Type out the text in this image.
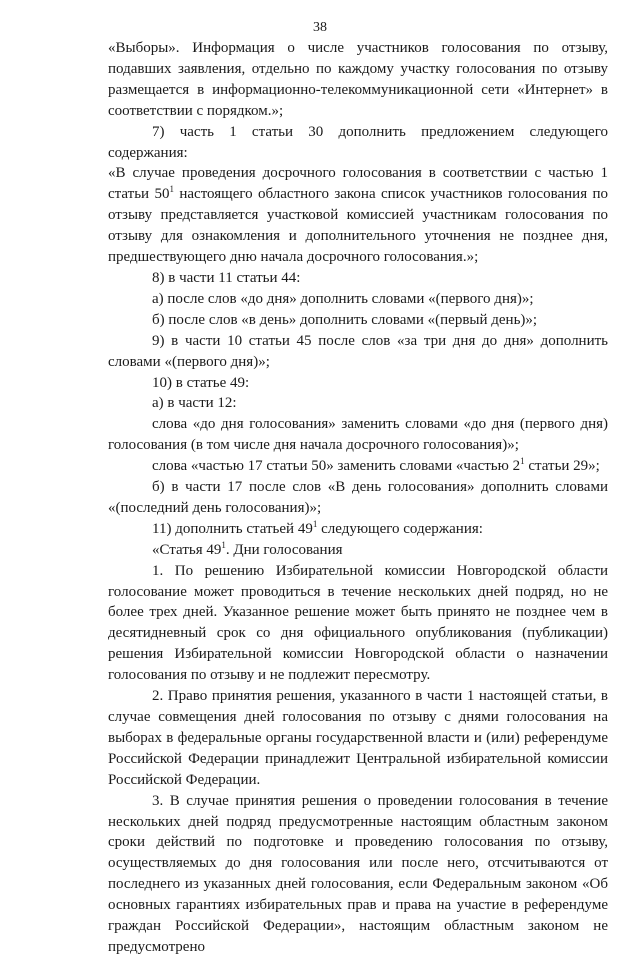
38

«Выборы». Информация о числе участников голосования по отзыву, подавших заявления, отдельно по каждому участку голосования по отзыву размещается в информационно-телекоммуникационной сети «Интернет» в соответствии с порядком.»;

7) часть 1 статьи 30 дополнить предложением следующего содержания:

«В случае проведения досрочного голосования в соответствии с частью 1 статьи $50^1$ настоящего областного закона список участников голосования по отзыву представляется участковой комиссией участникам голосования по отзыву для ознакомления и дополнительного уточнения не позднее дня, предшествующего дню начала досрочного голосования.»;

8) в части 11 статьи 44:

а) после слов «до дня» дополнить словами «(первого дня)»;

б) после слов «в день» дополнить словами «(первый день)»;

9) в части 10 статьи 45 после слов «за три дня до дня» дополнить словами «(первого дня)»;

10) в статье 49:

а) в части 12:

слова «до дня голосования» заменить словами «до дня (первого дня) голосования (в том числе дня начала досрочного голосования)»;

слова «частью 17 статьи 50» заменить словами «частью $2^1$ статьи 29»;

б) в части 17 после слов «В день голосования» дополнить словами «(последний день голосования)»;

11) дополнить статьей $49^1$ следующего содержания:

«Статья $49^1$. Дни голосования

1. По решению Избирательной комиссии Новгородской области голосование может проводиться в течение нескольких дней подряд, но не более трех дней. Указанное решение может быть принято не позднее чем в десятидневный срок со дня официального опубликования (публикации) решения Избирательной комиссии Новгородской области о назначении голосования по отзыву и не подлежит пересмотру.

2. Право принятия решения, указанного в части 1 настоящей статьи, в случае совмещения дней голосования по отзыву с днями голосования на выборах в федеральные органы государственной власти и (или) референдуме Российской Федерации принадлежит Центральной избирательной комиссии Российской Федерации.

3. В случае принятия решения о проведении голосования в течение нескольких дней подряд предусмотренные настоящим областным законом сроки действий по подготовке и проведению голосования по отзыву, осуществляемых до дня голосования или после него, отсчитываются от последнего из указанных дней голосования, если Федеральным законом «Об основных гарантиях избирательных прав и права на участие в референдуме граждан Российской Федерации», настоящим областным законом не предусмотрено
